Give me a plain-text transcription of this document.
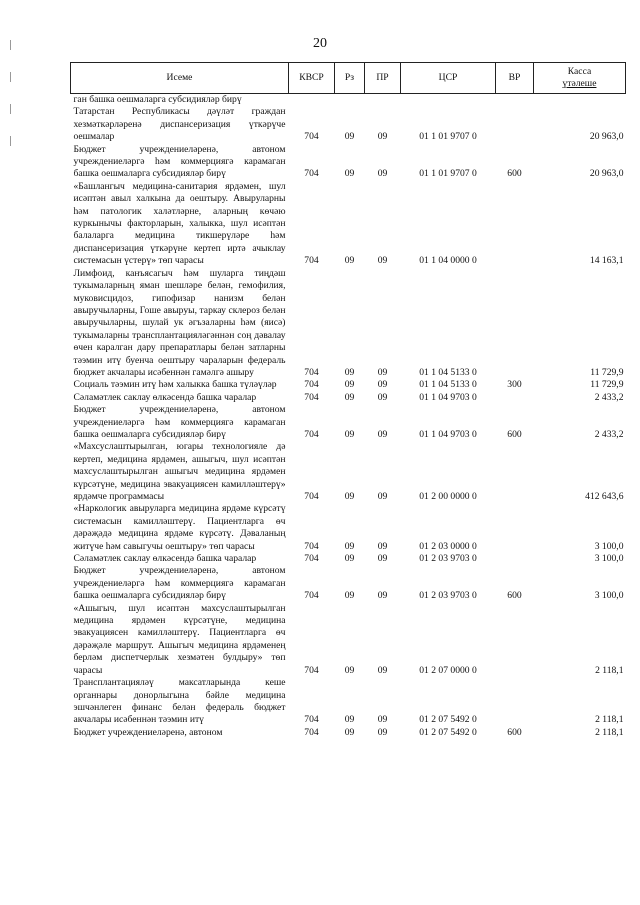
20
Исеме	КВСР	Рз	ПР	ЦСР	ВР	Касса
үтәлеше

ган башка оешмаларга субсидияләр бирү						
Татарстан Республикасы дәүләт граждан хезмәткәрләренә диспансеризация үткәрүче оешмалар	704	09	09	01 1 01 9707 0		20 963,0
Бюджет учреждениеләренә, автоном учреждениеләргә һәм коммерциягә карамаган башка оешмаларга субсидияләр бирү	704	09	09	01 1 01 9707 0	600	20 963,0
«Башлангыч медицина-санитария ярдәмен, шул исәптән авыл халкына да оештыру. Авыруларны һәм патологик халәтләрне, аларның көчәю куркынычы факторларын, халыкка, шул исәптән балаларга медицина тикшерүләре һәм диспансеризация үткәрүне кертеп иртә ачыклау системасын үстерү» төп чарасы	704	09	09	01 1 04 0000 0		14 163,1
Лимфоид, канъясагыч һәм шуларга тиңдәш тукымаларның яман шешләре белән, гемофилия, муковисцидоз, гипофизар нанизм белән авыручыларны, Гоше авыруы, таркау склероз белән авыручыларны, шулай ук әгъзаларны һәм (яисә) тукымаларны трансплантацияләгәннән соң дәвалау өчен каралган дару препаратлары белән затларны тәэмин итү буенча оештыру чараларын федераль бюджет акчалары исәбеннән гамәлгә ашыру	704	09	09	01 1 04 5133 0		11 729,9
Социаль тәэмин итү һәм халыкка башка түләүләр	704	09	09	01 1 04 5133 0	300	11 729,9
Сәламәтлек саклау өлкәсендә башка чаралар	704	09	09	01 1 04 9703 0		2 433,2
Бюджет учреждениеләренә, автоном учреждениеләргә һәм коммерциягә карамаган башка оешмаларга субсидияләр бирү	704	09	09	01 1 04 9703 0	600	2 433,2
«Махсуслаштырылган, югары технологияле дә кертеп, медицина ярдәмен, ашыгыч, шул исәптән махсуслаштырылган ашыгыч медицина ярдәмен күрсәтүне, медицина эвакуациясен камилләштерү» ярдәмче программасы	704	09	09	01 2 00 0000 0		412 643,6
«Наркологик авыруларга медицина ярдәме күрсәтү системасын камилләштерү. Пациентларга өч дәрәҗәдә медицина ярдәме күрсәтү. Дәваланың житүче һәм савыгучы оештыру» төп чарасы	704	09	09	01 2 03 0000 0		3 100,0
Сәламәтлек саклау өлкәсендә башка чаралар	704	09	09	01 2 03 9703 0		3 100,0
Бюджет учреждениеләренә, автоном учреждениеләргә һәм коммерциягә карамаган башка оешмаларга субсидияләр бирү	704	09	09	01 2 03 9703 0	600	3 100,0
«Ашыгыч, шул исәптән махсуслаштырылган медицина ярдәмен күрсәтүне, медицина эвакуациясен камилләштерү. Пациентларга өч дәрәҗәле маршрут. Ашыгыч медицина ярдәменең берләм диспетчерлык хезмәтен булдыру» төп чарасы	704	09	09	01 2 07 0000 0		2 118,1
Трансплантацияләү максатларында кеше органнары донорлыгына бәйле медицина эшчәнлеген финанс белән федераль бюджет акчалары исәбеннән тәэмин итү	704	09	09	01 2 07 5492 0		2 118,1
Бюджет учреждениеләренә, автоном	704	09	09	01 2 07 5492 0	600	2 118,1
